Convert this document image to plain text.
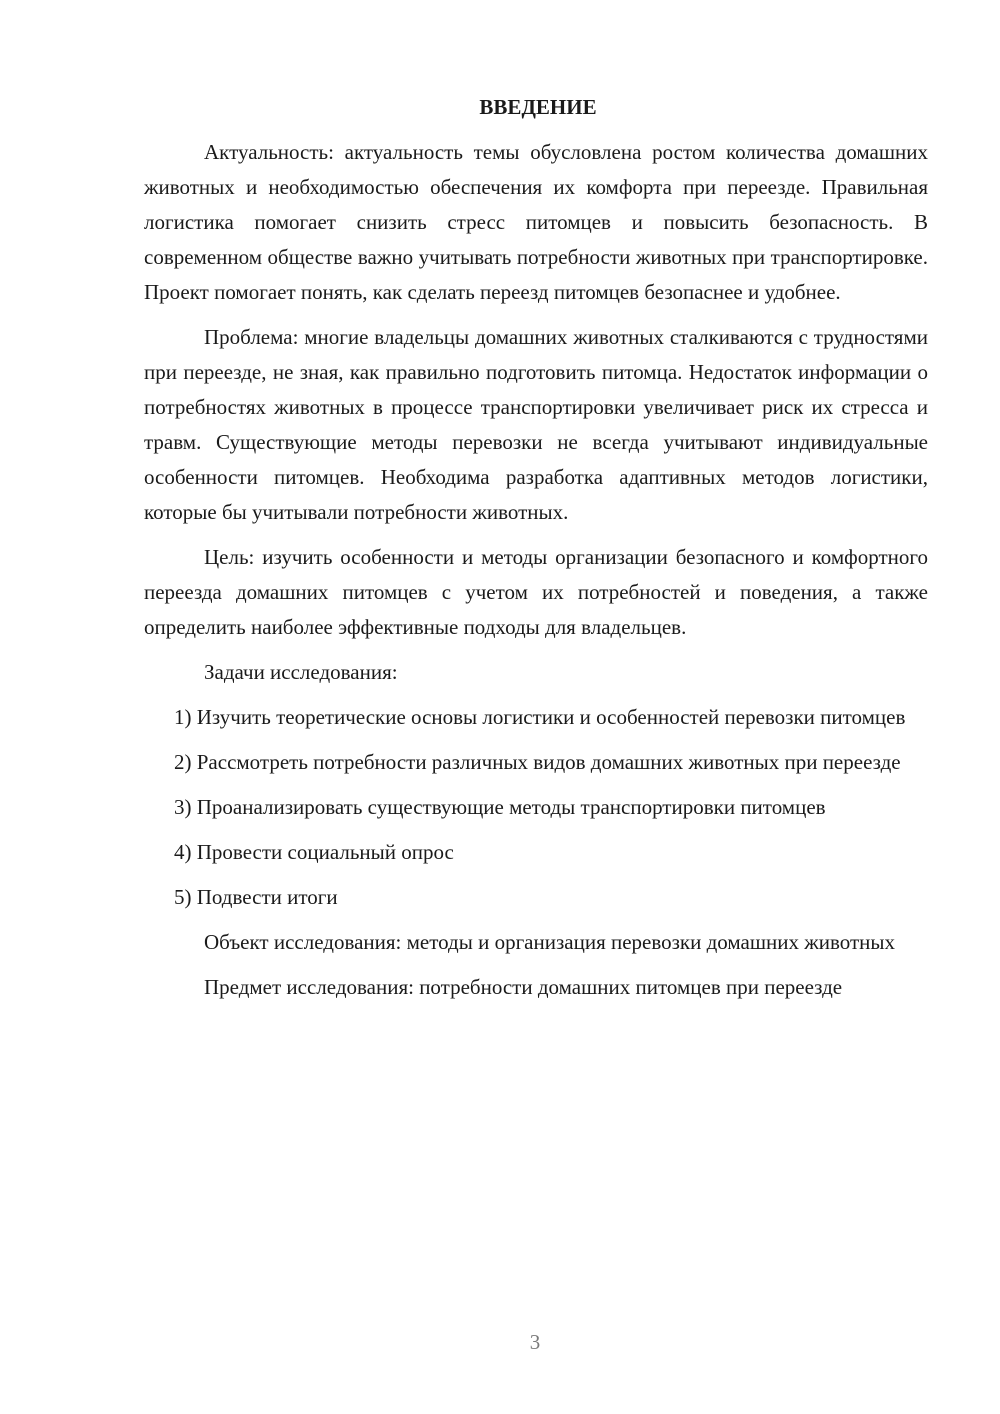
ВВЕДЕНИЕ

Актуальность: актуальность темы обусловлена ростом количества домашних животных и необходимостью обеспечения их комфорта при переезде. Правильная логистика помогает снизить стресс питомцев и повысить безопасность. В современном обществе важно учитывать потребности животных при транспортировке. Проект помогает понять, как сделать переезд питомцев безопаснее и удобнее.

Проблема: многие владельцы домашних животных сталкиваются с трудностями при переезде, не зная, как правильно подготовить питомца. Недостаток информации о потребностях животных в процессе транспортировки увеличивает риск их стресса и травм. Существующие методы перевозки не всегда учитывают индивидуальные особенности питомцев. Необходима разработка адаптивных методов логистики, которые бы учитывали потребности животных.

Цель: изучить особенности и методы организации безопасного и комфортного переезда домашних питомцев с учетом их потребностей и поведения, а также определить наиболее эффективные подходы для владельцев.

Задачи исследования:

1) Изучить теоретические основы логистики и особенностей перевозки питомцев

2) Рассмотреть потребности различных видов домашних животных при переезде

3) Проанализировать существующие методы транспортировки питомцев

4) Провести социальный опрос

5) Подвести итоги

Объект исследования: методы и организация перевозки домашних животных

Предмет исследования: потребности домашних питомцев при переезде

3
